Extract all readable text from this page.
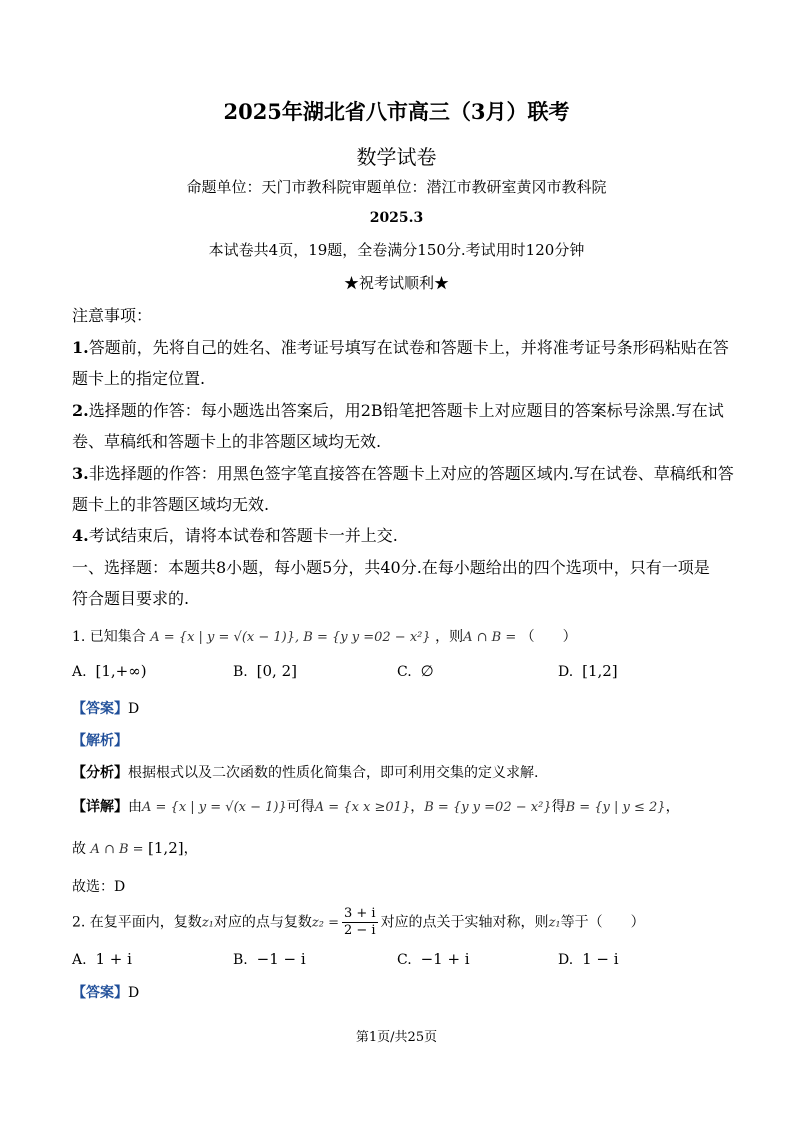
2025年湖北省八市高三（3月）联考
数学试卷
命题单位：天门市教科院审题单位：潜江市教研室黄冈市教科院
2025.3
本试卷共4页，19题，全卷满分150分.考试用时120分钟
★祝考试顺利★
注意事项：
1.答题前，先将自己的姓名、准考证号填写在试卷和答题卡上，并将准考证号条形码粘贴在答
题卡上的指定位置.
2.选择题的作答：每小题选出答案后，用2B铅笔把答题卡上对应题目的答案标号涂黑.写在试
卷、草稿纸和答题卡上的非答题区域均无效.
3.非选择题的作答：用黑色签字笔直接答在答题卡上对应的答题区域内.写在试卷、草稿纸和答
题卡上的非答题区域均无效.
4.考试结束后，请将本试卷和答题卡一并上交.
一、选择题：本题共8小题，每小题5分，共40分.在每小题给出的四个选项中，只有一项是
符合题目要求的.
1. 已知集合 A = {x | y = √(x − 1)}, B = {y y =02 − x²} ，则A ∩ B = （　　）
A. [1,+∞)	B. [0, 2]	C. ∅	D. [1,2]
【答案】D
【解析】
【分析】根据根式以及二次函数的性质化简集合，即可利用交集的定义求解.
【详解】由A = {x | y = √(x − 1)}可得A = {x x ≥01}，B = {y y =02 − x²}得B = {y | y ≤ 2}，
故 A ∩ B = [1,2]，
故选：D
2. 在复平面内，复数z₁对应的点与复数$z_2 = \frac{3 + i}{2 - i}$ 对应的点关于实轴对称，则z₁等于（　　）
A. 1 + i	B. −1 − i	C. −1 + i	D. 1 − i
【答案】D
第1页/共25页
